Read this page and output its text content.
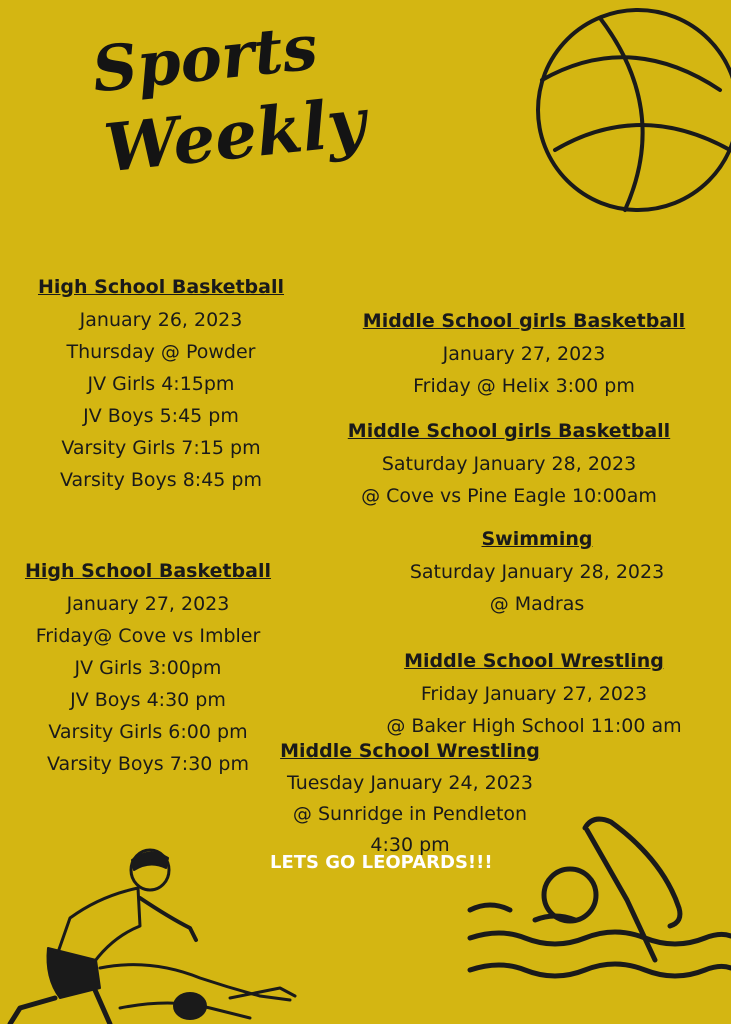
Sports
Weekly
High School Basketball
January 26, 2023
Thursday @ Powder
JV Girls 4:15pm
JV Boys 5:45 pm
Varsity Girls 7:15 pm
Varsity Boys 8:45 pm
Middle School girls Basketball
January 27, 2023
Friday @ Helix 3:00 pm
Middle School girls Basketball
Saturday January 28, 2023
@ Cove vs Pine Eagle 10:00am
Swimming
Saturday January 28, 2023
@ Madras
High School Basketball
January 27, 2023
Friday@ Cove vs Imbler
JV Girls 3:00pm
JV Boys 4:30 pm
Varsity Girls 6:00 pm
Varsity Boys 7:30 pm
Middle School Wrestling
Friday January 27, 2023
@ Baker High School 11:00 am
Middle School Wrestling
Tuesday January 24, 2023
@ Sunridge in Pendleton
4:30 pm
LETS GO LEOPARDS!!!
